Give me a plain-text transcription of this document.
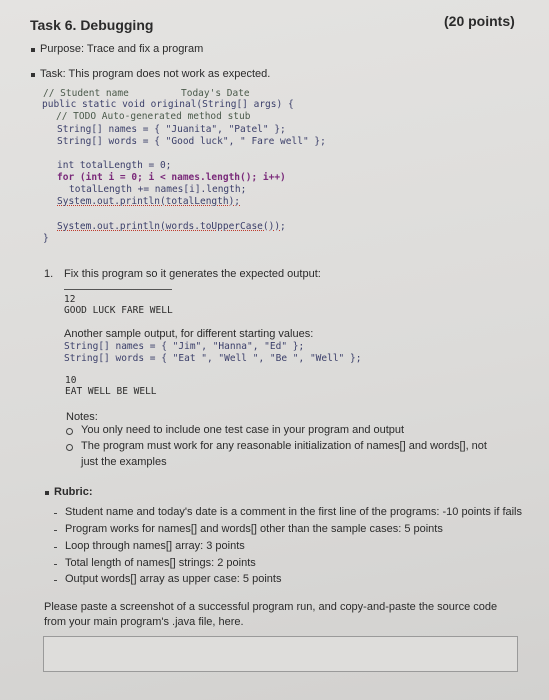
Task 6. Debugging	(20 points)
Purpose: Trace and fix a program
Task: This program does not work as expected.
// Student name	Today's Date
public static void original(String[] args) {
// TODO Auto-generated method stub
String[] names = { "Juanita", "Patel" };
String[] words = { "Good luck", " Fare well" };
int totalLength = 0;
for (int i = 0; i < names.length(); i++)
totalLength += names[i].length;
System.out.println(totalLength);
System.out.println(words.toUpperCase());
}
1. Fix this program so it generates the expected output:
12
GOOD LUCK FARE WELL
Another sample output, for different starting values:
String[] names = { "Jim", "Hanna", "Ed" };
String[] words = { "Eat ", "Well ", "Be ", "Well" };
10
EAT WELL BE WELL
Notes:
You only need to include one test case in your program and output
The program must work for any reasonable initialization of names[] and words[], not
just the examples
Rubric:
Student name and today's date is a comment in the first line of the programs: -10 points if fails
Program works for names[] and words[] other than the sample cases: 5 points
Loop through names[] array: 3 points
Total length of names[] strings: 2 points
Output words[] array as upper case: 5 points
Please paste a screenshot of a successful program run, and copy-and-paste the source code
from your main program's .java file, here.
